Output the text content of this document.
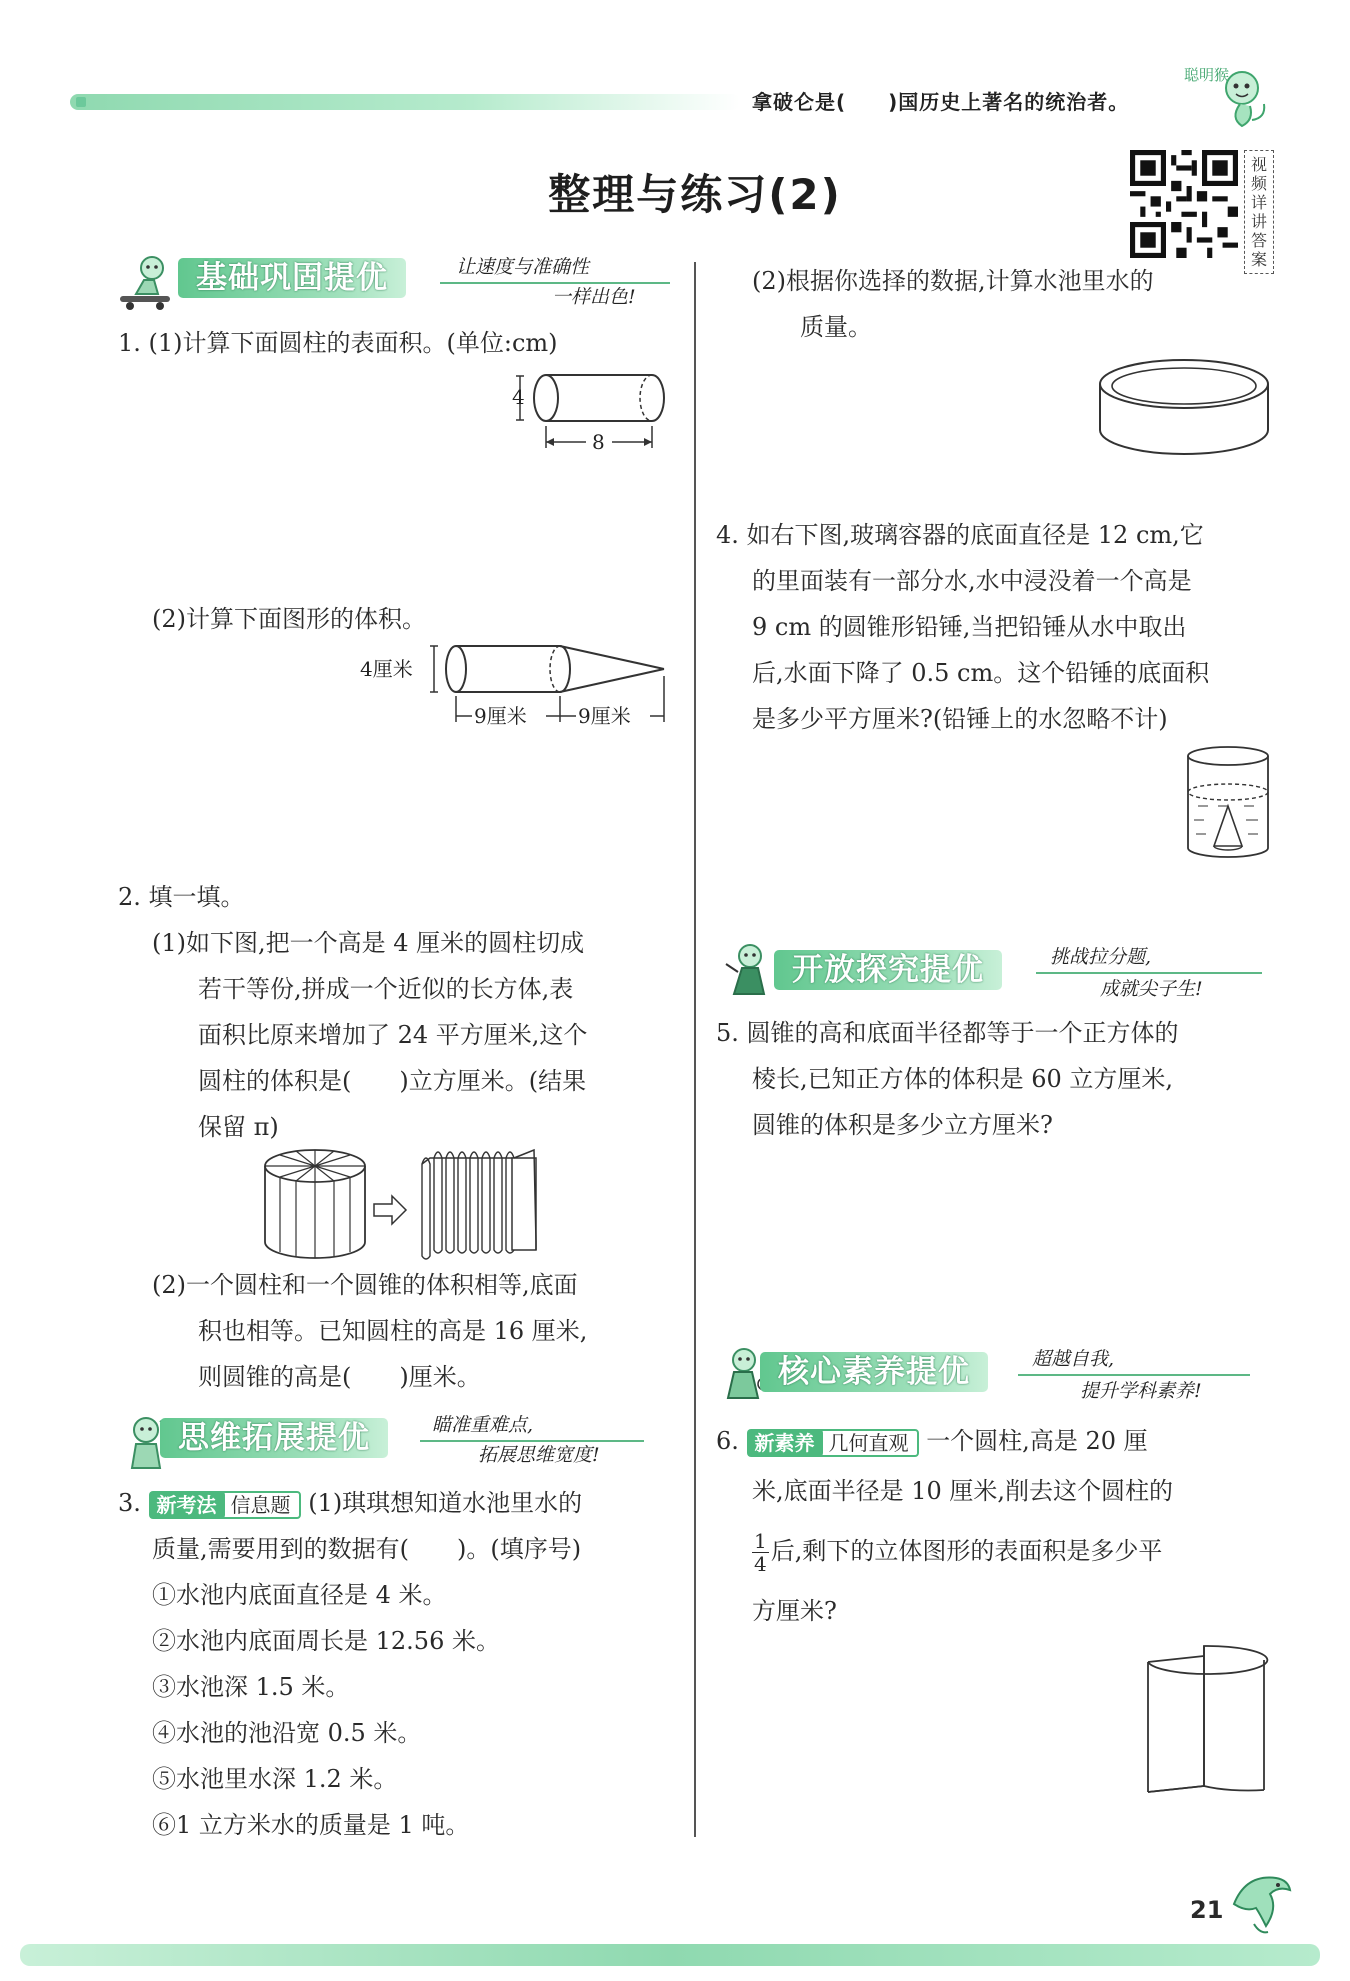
拿破仑是(　　)国历史上著名的统治者。
聪明猴
整理与练习(2)
视频详讲答案
基础巩固提优	让速度与准确性
一样出色!
1. (1)计算下面圆柱的表面积。(单位:cm)
4
8
(2)计算下面图形的体积。
4厘米
9厘米	9厘米
2. 填一填。
(1)如下图,把一个高是 4 厘米的圆柱切成
若干等份,拼成一个近似的长方体,表
面积比原来增加了 24 平方厘米,这个
圆柱的体积是(　　)立方厘米。(结果
保留 π)
(2)一个圆柱和一个圆锥的体积相等,底面
积也相等。已知圆柱的高是 16 厘米,
则圆锥的高是(　　)厘米。
思维拓展提优	瞄准重难点,
拓展思维宽度!
3. 新考法 信息题 (1)琪琪想知道水池里水的
质量,需要用到的数据有(　　)。(填序号)
①水池内底面直径是 4 米。
②水池内底面周长是 12.56 米。
③水池深 1.5 米。
④水池的池沿宽 0.5 米。
⑤水池里水深 1.2 米。
⑥1 立方米水的质量是 1 吨。
(2)根据你选择的数据,计算水池里水的
质量。
4. 如右下图,玻璃容器的底面直径是 12 cm,它
的里面装有一部分水,水中浸没着一个高是
9 cm 的圆锥形铅锤,当把铅锤从水中取出
后,水面下降了 0.5 cm。这个铅锤的底面积
是多少平方厘米?(铅锤上的水忽略不计)
开放探究提优	挑战拉分题,
成就尖子生!
5. 圆锥的高和底面半径都等于一个正方体的
棱长,已知正方体的体积是 60 立方厘米,
圆锥的体积是多少立方厘米?
核心素养提优	超越自我,
提升学科素养!
6. 新素养 几何直观 一个圆柱,高是 20 厘
米,底面半径是 10 厘米,削去这个圆柱的
$\frac{1}{4}$ 后,剩下的立体图形的表面积是多少平
方厘米?
21
